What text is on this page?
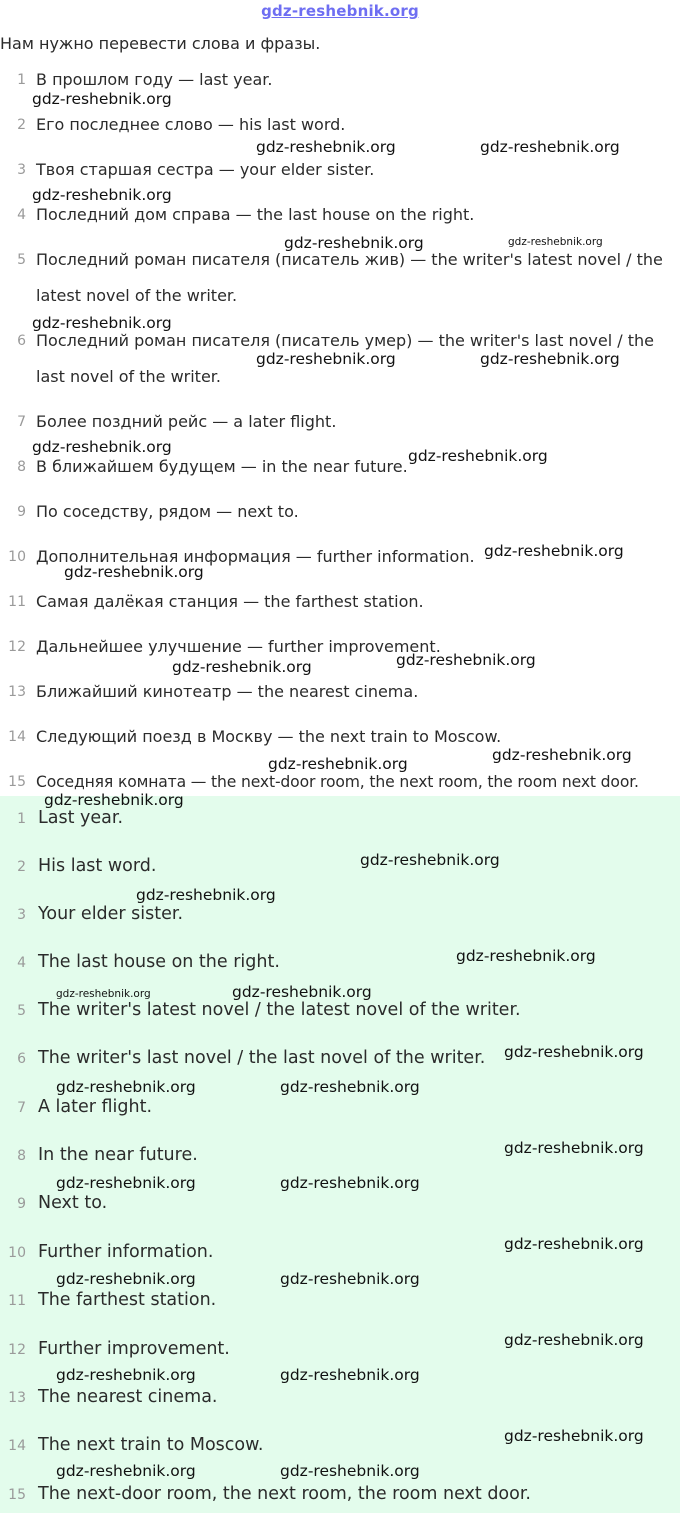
gdz-reshebnik.org
Нам нужно перевести слова и фразы.
1 В прошлом году — last year.
2 Его последнее слово — his last word.
3 Твоя старшая сестра — your elder sister.
4 Последний дом справа — the last house on the right.
5 Последний роман писателя (писатель жив) — the writer's latest novel / the latest novel of the writer.
6 Последний роман писателя (писатель умер) — the writer's last novel / the last novel of the writer.
7 Более поздний рейс — a later flight.
8 В ближайшем будущем — in the near future.
9 По соседству, рядом — next to.
10 Дополнительная информация — further information.
11 Самая далёкая станция — the farthest station.
12 Дальнейшее улучшение — further improvement.
13 Ближайший кинотеатр — the nearest cinema.
14 Следующий поезд в Москву — the next train to Moscow.
15 Соседняя комната — the next-door room, the next room, the room next door.
1 Last year.
2 His last word.
3 Your elder sister.
4 The last house on the right.
5 The writer's latest novel / the latest novel of the writer.
6 The writer's last novel / the last novel of the writer.
7 A later flight.
8 In the near future.
9 Next to.
10 Further information.
11 The farthest station.
12 Further improvement.
13 The nearest cinema.
14 The next train to Moscow.
15 The next-door room, the next room, the room next door.
gdz-reshebnik.org
gdz-reshebnik.org	gdz-reshebnik.org
gdz-reshebnik.org
gdz-reshebnik.org	gdz-reshebnik.org
gdz-reshebnik.org
gdz-reshebnik.org	gdz-reshebnik.org
gdz-reshebnik.org	gdz-reshebnik.org
gdz-reshebnik.org
gdz-reshebnik.org
gdz-reshebnik.org	gdz-reshebnik.org
gdz-reshebnik.org
gdz-reshebnik.org
gdz-reshebnik.org
gdz-reshebnik.org
gdz-reshebnik.org
gdz-reshebnik.org
gdz-reshebnik.org	gdz-reshebnik.org
gdz-reshebnik.org
gdz-reshebnik.org	gdz-reshebnik.org
gdz-reshebnik.org
gdz-reshebnik.org	gdz-reshebnik.org
gdz-reshebnik.org
gdz-reshebnik.org	gdz-reshebnik.org
gdz-reshebnik.org
gdz-reshebnik.org	gdz-reshebnik.org
gdz-reshebnik.org
gdz-reshebnik.org	gdz-reshebnik.org
